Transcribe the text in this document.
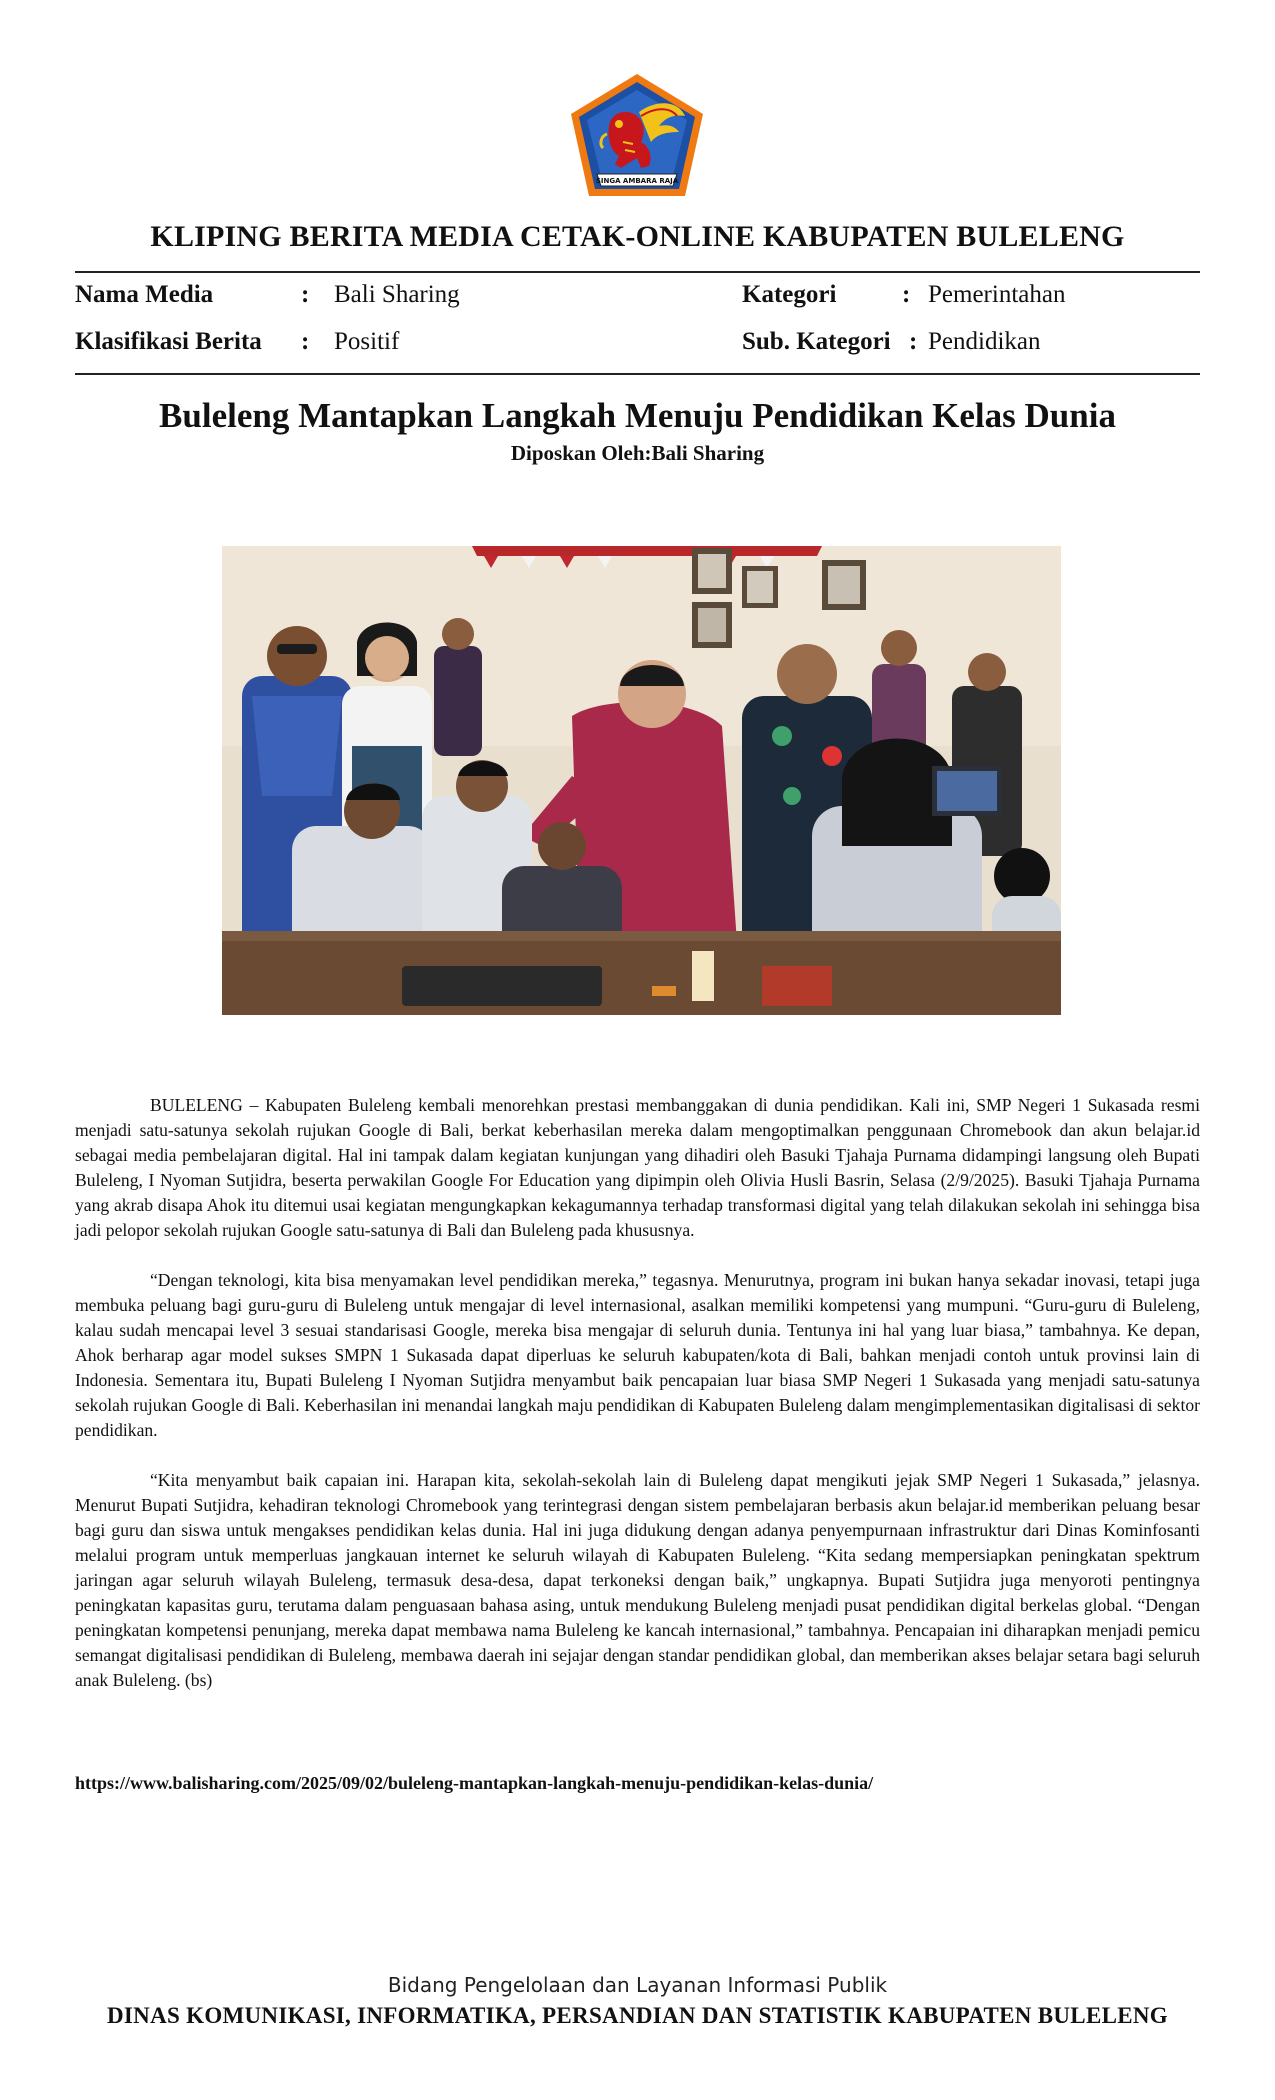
SINGA AMBARA RAJA
KLIPING BERITA MEDIA CETAK-ONLINE KABUPATEN BULELENG
Nama Media	: Bali Sharing
Klasifikasi Berita : Positif
Kategori	: Pemerintahan
Sub. Kategori : Pendidikan
Buleleng Mantapkan Langkah Menuju Pendidikan Kelas Dunia
Diposkan Oleh:Bali Sharing

BULELENG – Kabupaten Buleleng kembali menorehkan prestasi membanggakan di dunia pendidikan. Kali ini, SMP Negeri 1 Sukasada resmi menjadi satu-satunya sekolah rujukan Google di Bali, berkat keberhasilan mereka dalam mengoptimalkan penggunaan Chromebook dan akun belajar.id sebagai media pembelajaran digital. Hal ini tampak dalam kegiatan kunjungan yang dihadiri oleh Basuki Tjahaja Purnama didampingi langsung oleh Bupati Buleleng, I Nyoman Sutjidra, beserta perwakilan Google For Education yang dipimpin oleh Olivia Husli Basrin, Selasa (2/9/2025). Basuki Tjahaja Purnama yang akrab disapa Ahok itu ditemui usai kegiatan mengungkapkan kekagumannya terhadap transformasi digital yang telah dilakukan sekolah ini sehingga bisa jadi pelopor sekolah rujukan Google satu-satunya di Bali dan Buleleng pada khususnya.

“Dengan teknologi, kita bisa menyamakan level pendidikan mereka,” tegasnya. Menurutnya, program ini bukan hanya sekadar inovasi, tetapi juga membuka peluang bagi guru-guru di Buleleng untuk mengajar di level internasional, asalkan memiliki kompetensi yang mumpuni. “Guru-guru di Buleleng, kalau sudah mencapai level 3 sesuai standarisasi Google, mereka bisa mengajar di seluruh dunia. Tentunya ini hal yang luar biasa,” tambahnya. Ke depan, Ahok berharap agar model sukses SMPN 1 Sukasada dapat diperluas ke seluruh kabupaten/kota di Bali, bahkan menjadi contoh untuk provinsi lain di Indonesia. Sementara itu, Bupati Buleleng I Nyoman Sutjidra menyambut baik pencapaian luar biasa SMP Negeri 1 Sukasada yang menjadi satu-satunya sekolah rujukan Google di Bali. Keberhasilan ini menandai langkah maju pendidikan di Kabupaten Buleleng dalam mengimplementasikan digitalisasi di sektor pendidikan.

“Kita menyambut baik capaian ini. Harapan kita, sekolah-sekolah lain di Buleleng dapat mengikuti jejak SMP Negeri 1 Sukasada,” jelasnya. Menurut Bupati Sutjidra, kehadiran teknologi Chromebook yang terintegrasi dengan sistem pembelajaran berbasis akun belajar.id memberikan peluang besar bagi guru dan siswa untuk mengakses pendidikan kelas dunia. Hal ini juga didukung dengan adanya penyempurnaan infrastruktur dari Dinas Kominfosanti melalui program untuk memperluas jangkauan internet ke seluruh wilayah di Kabupaten Buleleng. “Kita sedang mempersiapkan peningkatan spektrum jaringan agar seluruh wilayah Buleleng, termasuk desa-desa, dapat terkoneksi dengan baik,” ungkapnya. Bupati Sutjidra juga menyoroti pentingnya peningkatan kapasitas guru, terutama dalam penguasaan bahasa asing, untuk mendukung Buleleng menjadi pusat pendidikan digital berkelas global. “Dengan peningkatan kompetensi penunjang, mereka dapat membawa nama Buleleng ke kancah internasional,” tambahnya. Pencapaian ini diharapkan menjadi pemicu semangat digitalisasi pendidikan di Buleleng, membawa daerah ini sejajar dengan standar pendidikan global, dan memberikan akses belajar setara bagi seluruh anak Buleleng. (bs)

https://www.balisharing.com/2025/09/02/buleleng-mantapkan-langkah-menuju-pendidikan-kelas-dunia/
Bidang Pengelolaan dan Layanan Informasi Publik
DINAS KOMUNIKASI, INFORMATIKA, PERSANDIAN DAN STATISTIK KABUPATEN BULELENG
